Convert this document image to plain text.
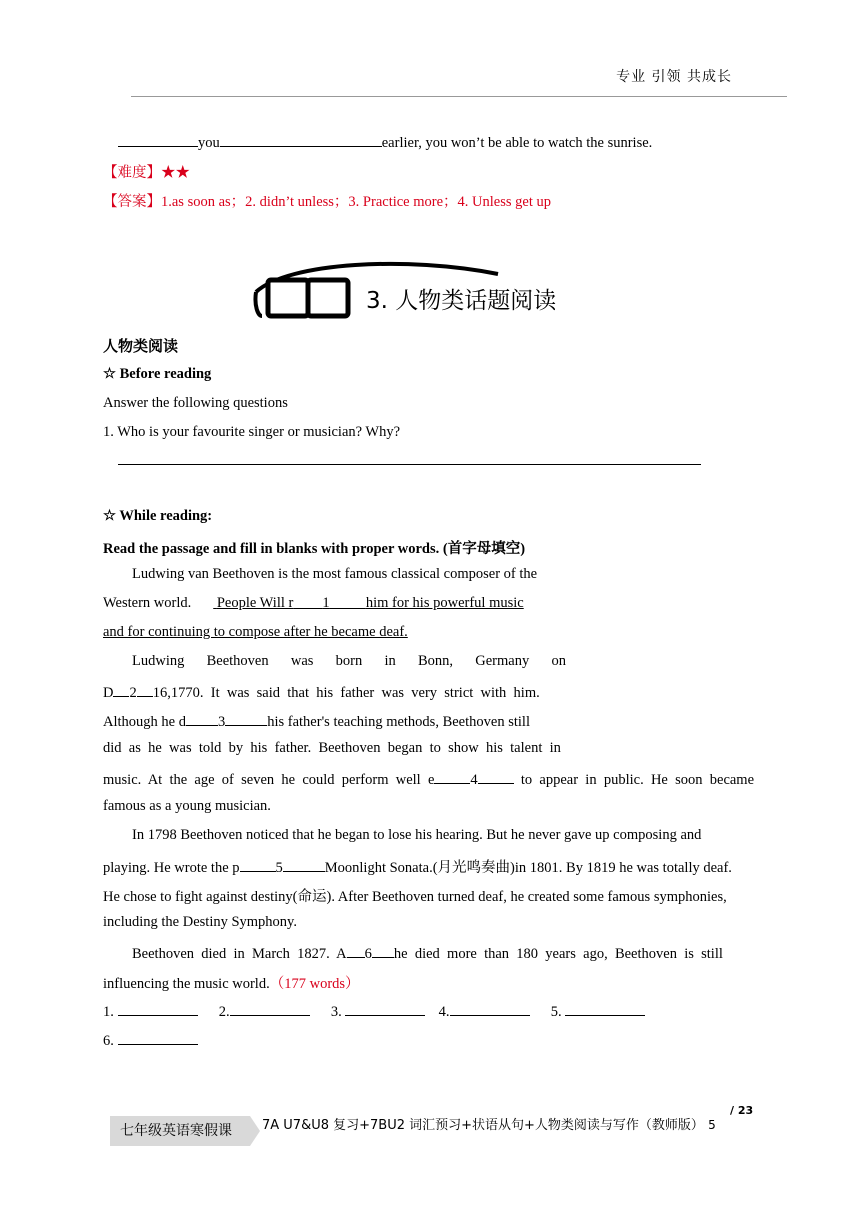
专业 引领 共成长
you	earlier, you won’t be able to watch the sunrise.
【难度】★★
【答案】1.as soon as；2. didn’t unless；3. Practice more；4. Unless get up
3. 人物类话题阅读
人物类阅读
☆ Before reading
Answer the following questions
1. Who is your favourite singer or musician? Why?
☆ While reading:
Read the passage and fill in blanks with proper words. (首字母填空)
Ludwing van Beethoven is the most famous classical composer of the
Western world. People Will r 1	him for his powerful music
and for continuing to compose after he became deaf.
Ludwing Beethoven was born in Bonn, Germany on
D 2 16,1770.  It  was  said  that  his  father  was  very  strict  with  him.
Although he d 3	his father's teaching methods, Beethoven still
did  as  he  was  told  by  his  father.  Beethoven  began  to  show  his  talent  in
music.  At  the  age  of  seven  he  could  perform  well  e 4	to  appear  in  public.  He  soon  became
famous as a young musician.
In 1798 Beethoven noticed that he began to lose his hearing. But he never gave up composing and
playing. He wrote the p 5	Moonlight Sonata.(月光鸣奏曲)in 1801. By 1819 he was totally deaf.
He chose to fight against destiny(命运). After Beethoven turned deaf, he created some famous symphonies,
including the Destiny Symphony.
Beethoven  died  in  March  1827.  A 6 he  died  more  than  180  years  ago,  Beethoven  is  still
influencing the music world.（177 words）
1.	2.	3.	4.	5.
6.
七年级英语寒假课	7A U7&U8 复习+7BU2 词汇预习+状语从句+人物类阅读与写作（教师版） 5
/ 23
